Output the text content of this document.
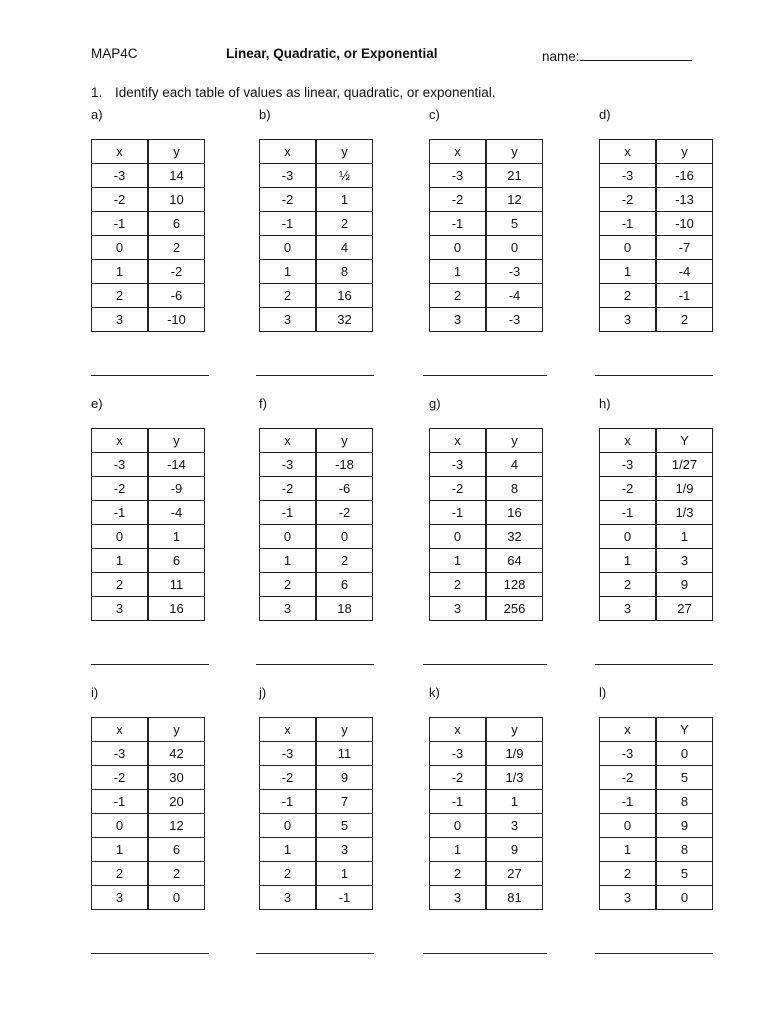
MAP4C	Linear, Quadratic, or Exponential	name:
1. Identify each table of values as linear, quadratic, or exponential.
a)
x	y
-3	14
-2	10
-1	6
0	2
1	-2
2	-6
3	-10
b)
x	y
-3	½
-2	1
-1	2
0	4
1	8
2	16
3	32
c)
x	y
-3	21
-2	12
-1	5
0	0
1	-3
2	-4
3	-3
d)
x	y
-3	-16
-2	-13
-1	-10
0	-7
1	-4
2	-1
3	2
e)
x	y
-3	-14
-2	-9
-1	-4
0	1
1	6
2	11
3	16
f)
x	y
-3	-18
-2	-6
-1	-2
0	0
1	2
2	6
3	18
g)
x	y
-3	4
-2	8
-1	16
0	32
1	64
2	128
3	256
h)
x	Y
-3	1/27
-2	1/9
-1	1/3
0	1
1	3
2	9
3	27
i)
x	y
-3	42
-2	30
-1	20
0	12
1	6
2	2
3	0
j)
x	y
-3	11
-2	9
-1	7
0	5
1	3
2	1
3	-1
k)
x	y
-3	1/9
-2	1/3
-1	1
0	3
1	9
2	27
3	81
l)
x	Y
-3	0
-2	5
-1	8
0	9
1	8
2	5
3	0
